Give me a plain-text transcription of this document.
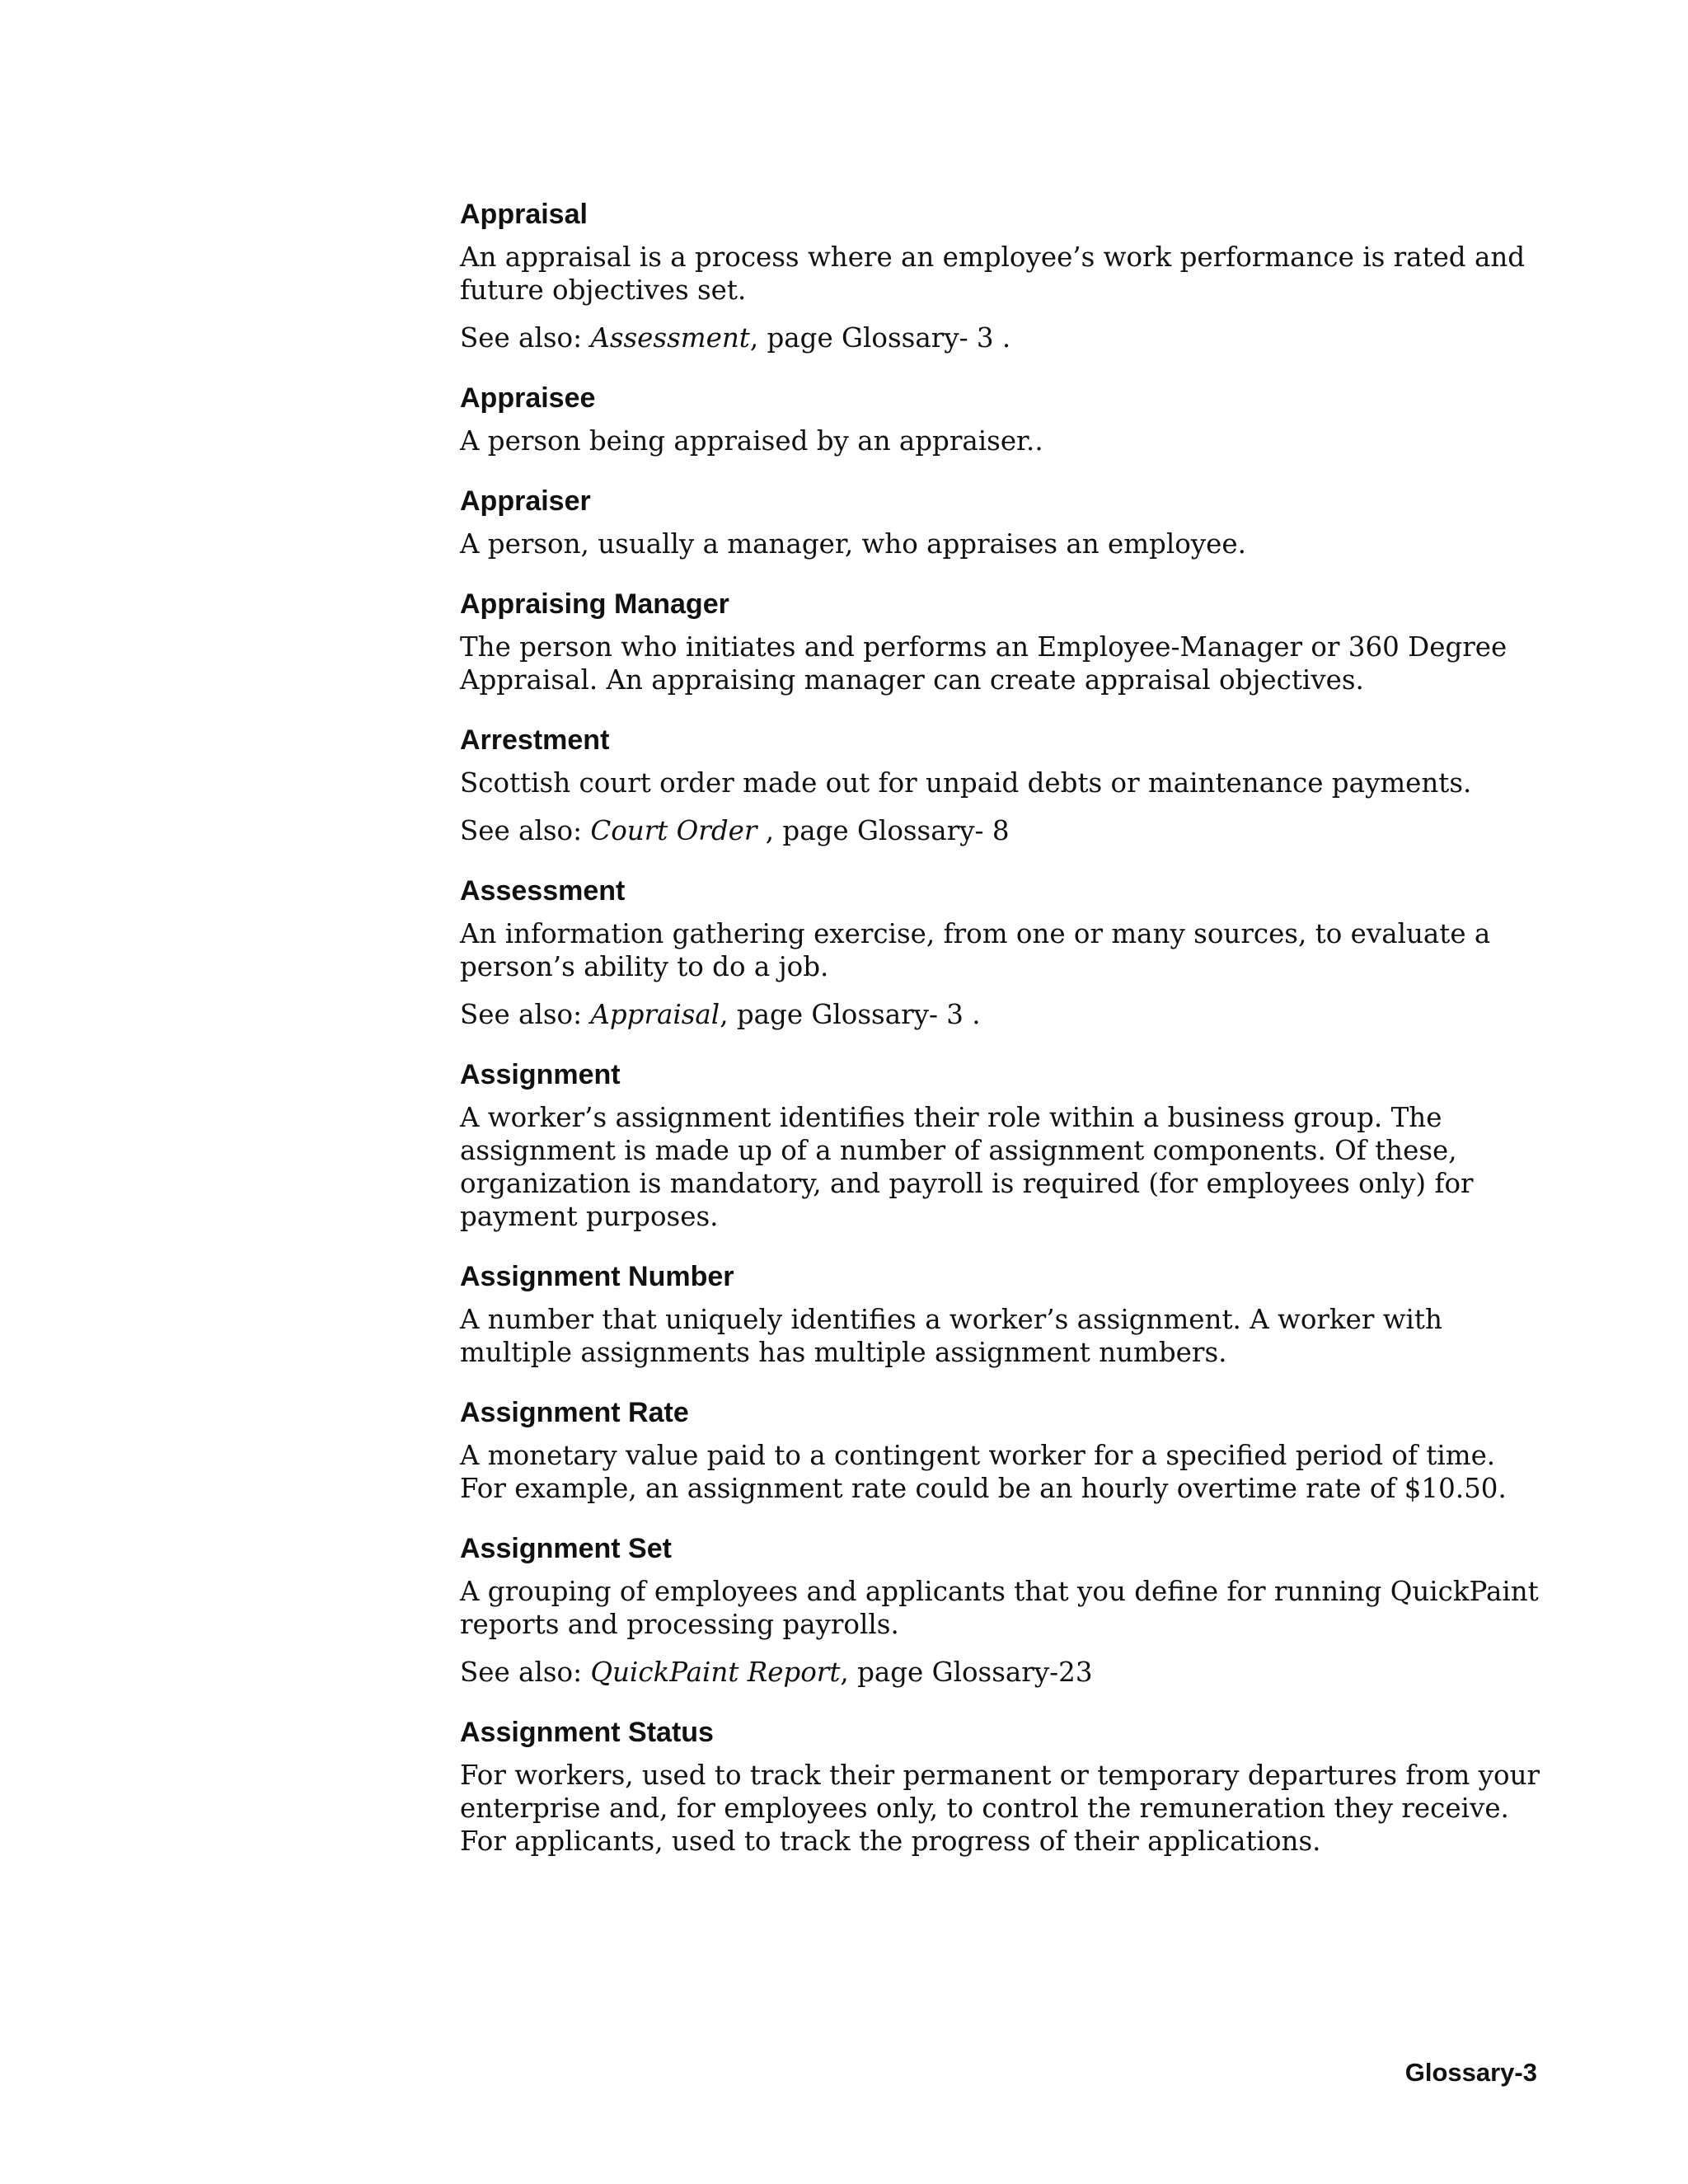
Appraisal

An appraisal is a process where an employee’s work performance is rated and future objectives set.

See also: Assessment, page Glossary- 3 .

Appraisee

A person being appraised by an appraiser..

Appraiser

A person, usually a manager, who appraises an employee.

Appraising Manager

The person who initiates and performs an Employee-Manager or 360 Degree Appraisal. An appraising manager can create appraisal objectives.

Arrestment

Scottish court order made out for unpaid debts or maintenance payments.

See also: Court Order , page Glossary- 8

Assessment

An information gathering exercise, from one or many sources, to evaluate a person’s ability to do a job.

See also: Appraisal, page Glossary- 3 .

Assignment

A worker’s assignment identifies their role within a business group. The assignment is made up of a number of assignment components. Of these, organization is mandatory, and payroll is required (for employees only) for payment purposes.

Assignment Number

A number that uniquely identifies a worker’s assignment. A worker with multiple assignments has multiple assignment numbers.

Assignment Rate

A monetary value paid to a contingent worker for a specified period of time. For example, an assignment rate could be an hourly overtime rate of $10.50.

Assignment Set

A grouping of employees and applicants that you define for running QuickPaint reports and processing payrolls.

See also: QuickPaint Report, page Glossary-23

Assignment Status

For workers, used to track their permanent or temporary departures from your enterprise and, for employees only, to control the remuneration they receive. For applicants, used to track the progress of their applications.

Glossary-3
